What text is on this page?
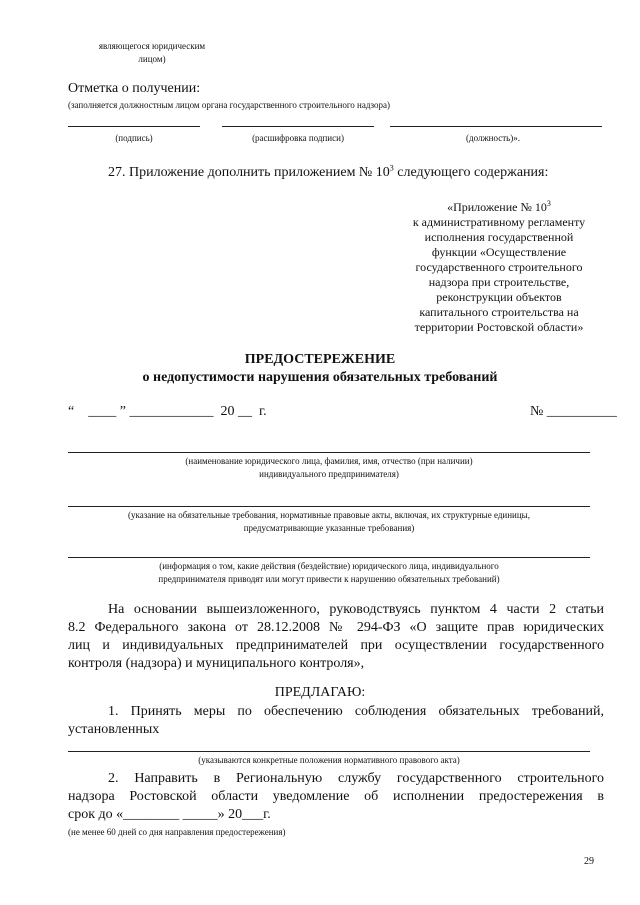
являющегося юридическим
лицом)
Отметка о получении:
(заполняется должностным лицом органа государственного строительного надзора)
(подпись)	(расшифровка подписи)	(должность)».
27. Приложение дополнить приложением № $10^3$ следующего содержания:
«Приложение № $10^3$
к административному регламенту
исполнения государственной
функции «Осуществление
государственного строительного
надзора при строительстве,
реконструкции объектов
капитального строительства на
территории Ростовской области»
ПРЕДОСТЕРЕЖЕНИЕ
о недопустимости нарушения обязательных требований
“ ____ ” ____________ 20 __ г.	№ __________
(наименование юридического лица, фамилия, имя, отчество (при наличии)
индивидуального предпринимателя)
(указание на обязательные требования, нормативные правовые акты, включая, их структурные единицы,
предусматривающие указанные требования)
(информация о том, какие действия (бездействие) юридического лица, индивидуального
предпринимателя приводят или могут привести к нарушению обязательных требований)
На основании вышеизложенного, руководствуясь пунктом 4 части 2 статьи
8.2 Федерального закона от 28.12.2008 № 294-ФЗ «О защите прав юридических
лиц и индивидуальных предпринимателей при осуществлении государственного
контроля (надзора) и муниципального контроля»,
ПРЕДЛАГАЮ:
1. Принять меры по обеспечению соблюдения обязательных требований,
установленных
(указываются конкретные положения нормативного правового акта)
2. Направить в Региональную службу государственного строительного
надзора Ростовской области уведомление об исполнении предостережения в
срок до «________ _____» 20___г.
(не менее 60 дней со дня направления предостережения)
29
